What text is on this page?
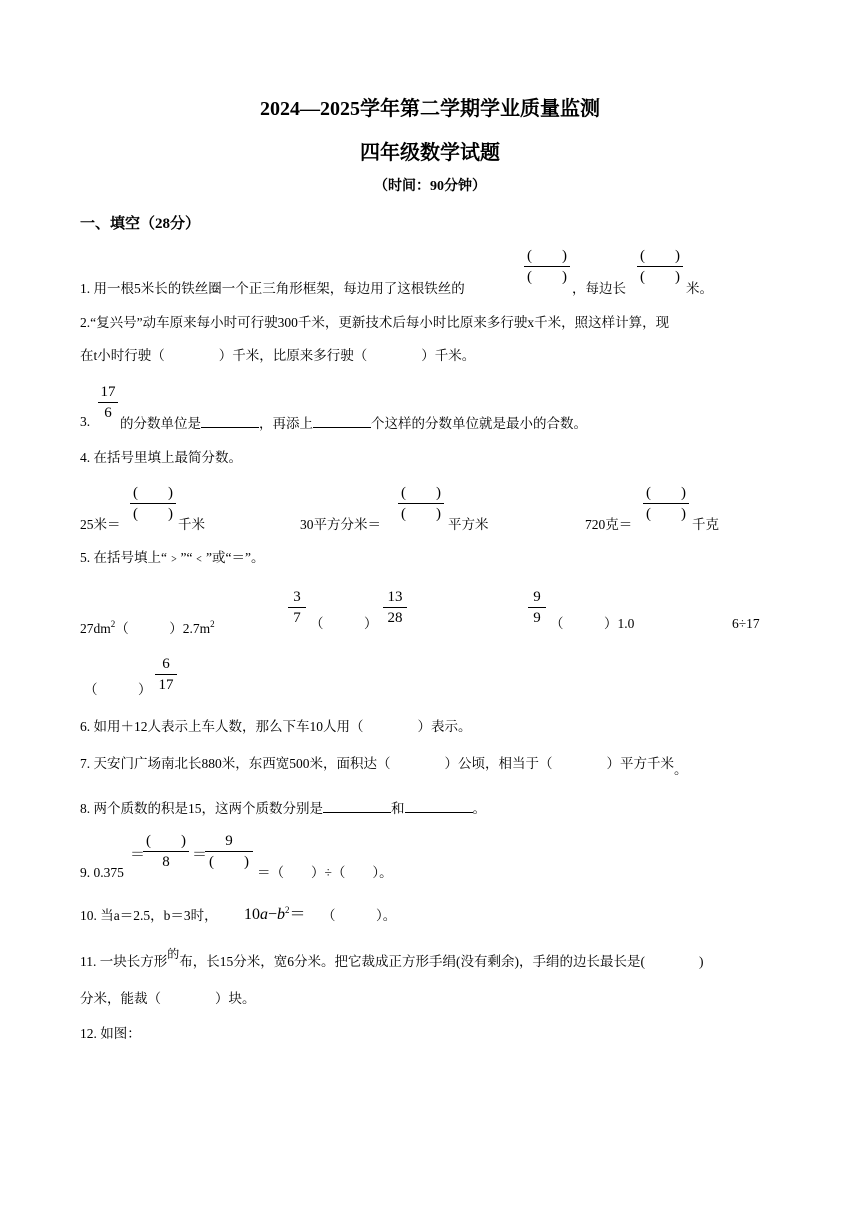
2024—2025学年第二学期学业质量监测
四年级数学试题
（时间：90分钟）
一、填空（28分）
1. 用一根5米长的铁丝圈一个正三角形框架，每边用了这根铁丝的
(　　)
(　　)
，每边长
(　　)
(　　)
米。
2.“复兴号”动车原来每小时可行驶300千米，更新技术后每小时比原来多行驶x千米，照这样计算，现
在t小时行驶（　　　　）千米，比原来多行驶（　　　　）千米。
17
6
3. 的分数单位是	，再添上	个这样的分数单位就是最小的合数。
4. 在括号里填上最简分数。
25米＝
(　　)
(　　)
千米	30平方分米＝
(　　)
(　　)
平方米	720克＝
(　　)
(　　)
千克
5. 在括号填上“﹥”“﹤”或“＝”。
$27dm^2$（　　　）$2.7m^2$
3
7 （　　　）
13
28
9
9 （　　　）1.0	6÷17
（　　　）
6
17
6. 如用＋12人表示上车人数，那么下车10人用（　　　　）表示。
7. 天安门广场南北长880米，东西宽500米，面积达（　　　　）公顷，相当于（　　　　）平方千米。
8. 两个质数的积是15，这两个质数分别是	和	。
9. 0.375
＝
(　　)
8	＝
9
(　　)
＝（　　）÷（　　）。
10. 当a＝2.5，b＝3时， $10a-b^2=$ （　　　）。
11. 一块长方形的布，长15分米，宽6分米。把它裁成正方形手绢(没有剩余)，手绢的边长最长是(　　　　)
分米，能裁（　　　　）块。
12. 如图：
